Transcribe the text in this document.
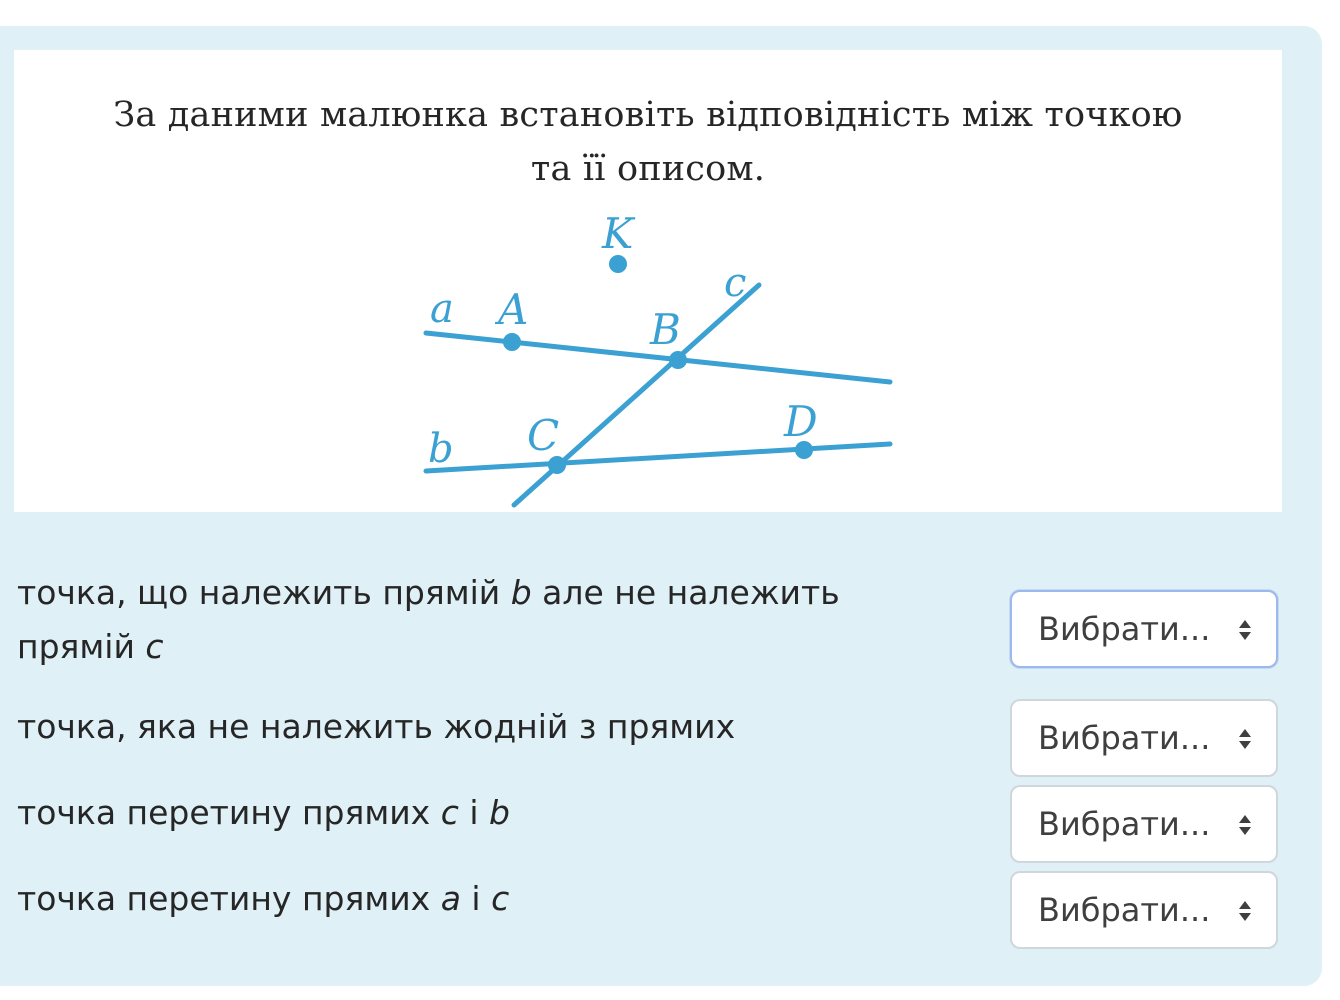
За даними малюнка встановіть відповідність між точкою
та її описом.
K
A	B
C	D
a
b
c
точка, що належить прямій b але не належить
прямій c	Вибрати...
точка, яка не належить жодній з прямих	Вибрати...
точка перетину прямих c і b	Вибрати...
точка перетину прямих a і c	Вибрати...
